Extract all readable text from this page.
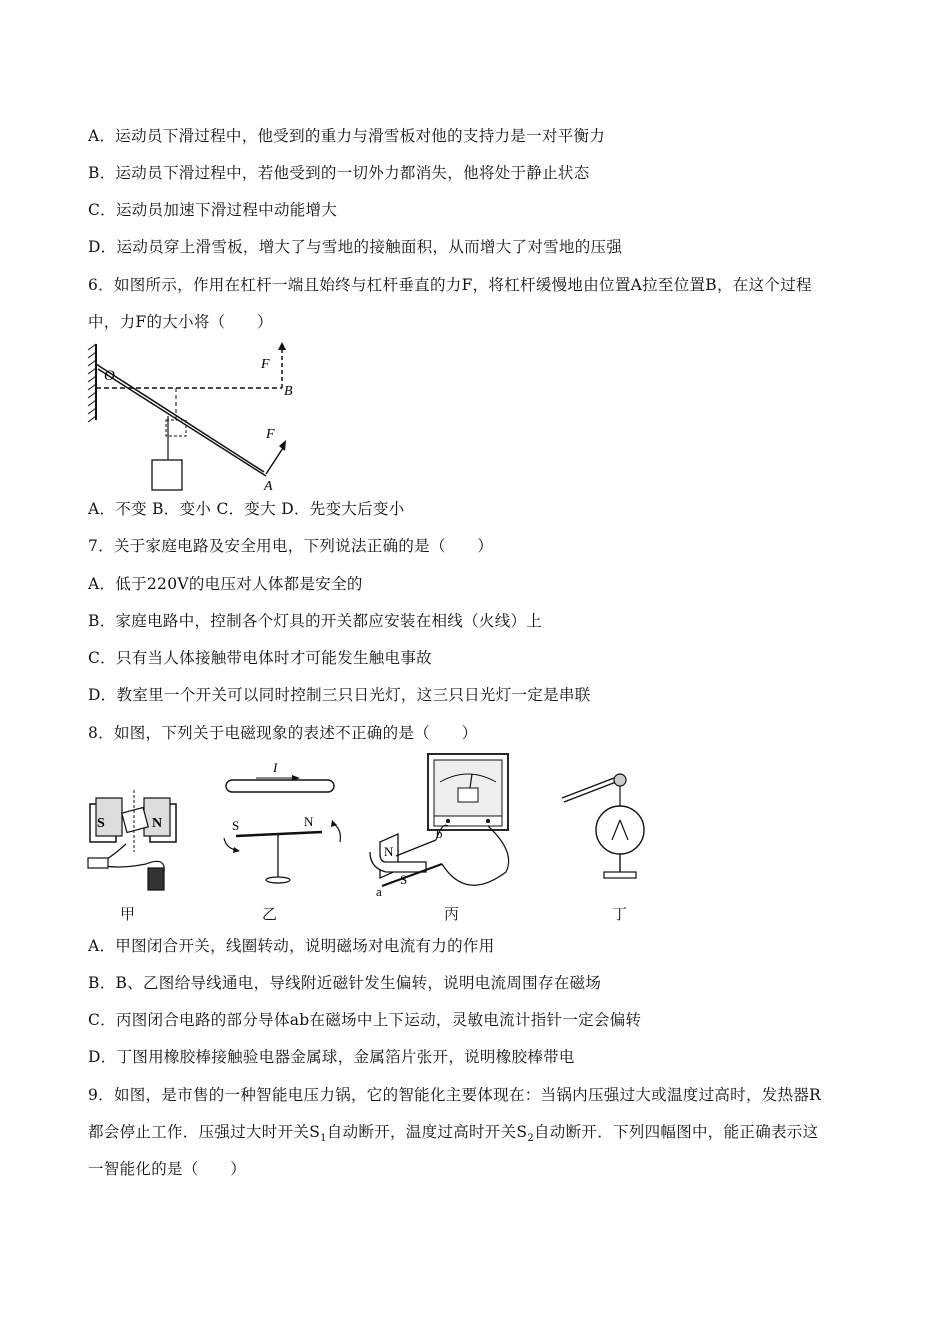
A．运动员下滑过程中，他受到的重力与滑雪板对他的支持力是一对平衡力
B．运动员下滑过程中，若他受到的一切外力都消失，他将处于静止状态
C．运动员加速下滑过程中动能增大
D．运动员穿上滑雪板，增大了与雪地的接触面积，从而增大了对雪地的压强
6．如图所示，作用在杠杆一端且始终与杠杆垂直的力F，将杠杆缓慢地由位置A拉至位置B，在这个过程
中，力F的大小将（　　）
O
B
F
F
A
A．不变 B．变小 C．变大 D．先变大后变小
7．关于家庭电路及安全用电，下列说法正确的是（　　）
A．低于220V的电压对人体都是安全的
B．家庭电路中，控制各个灯具的开关都应安装在相线（火线）上
C．只有当人体接触带电体时才可能发生触电事故
D．教室里一个开关可以同时控制三只日光灯，这三只日光灯一定是串联
8．如图，下列关于电磁现象的表述不正确的是（　　）
S	N
I
S	N
N
S
b
a
甲	乙	丙	丁
A．甲图闭合开关，线圈转动，说明磁场对电流有力的作用
B．B、乙图给导线通电，导线附近磁针发生偏转，说明电流周围存在磁场
C．丙图闭合电路的部分导体ab在磁场中上下运动，灵敏电流计指针一定会偏转
D．丁图用橡胶棒接触验电器金属球，金属箔片张开，说明橡胶棒带电
9．如图，是市售的一种智能电压力锅，它的智能化主要体现在：当锅内压强过大或温度过高时，发热器R
都会停止工作．压强过大时开关$S_1$自动断开，温度过高时开关$S_2$自动断开．下列四幅图中，能正确表示这
一智能化的是（　　）
